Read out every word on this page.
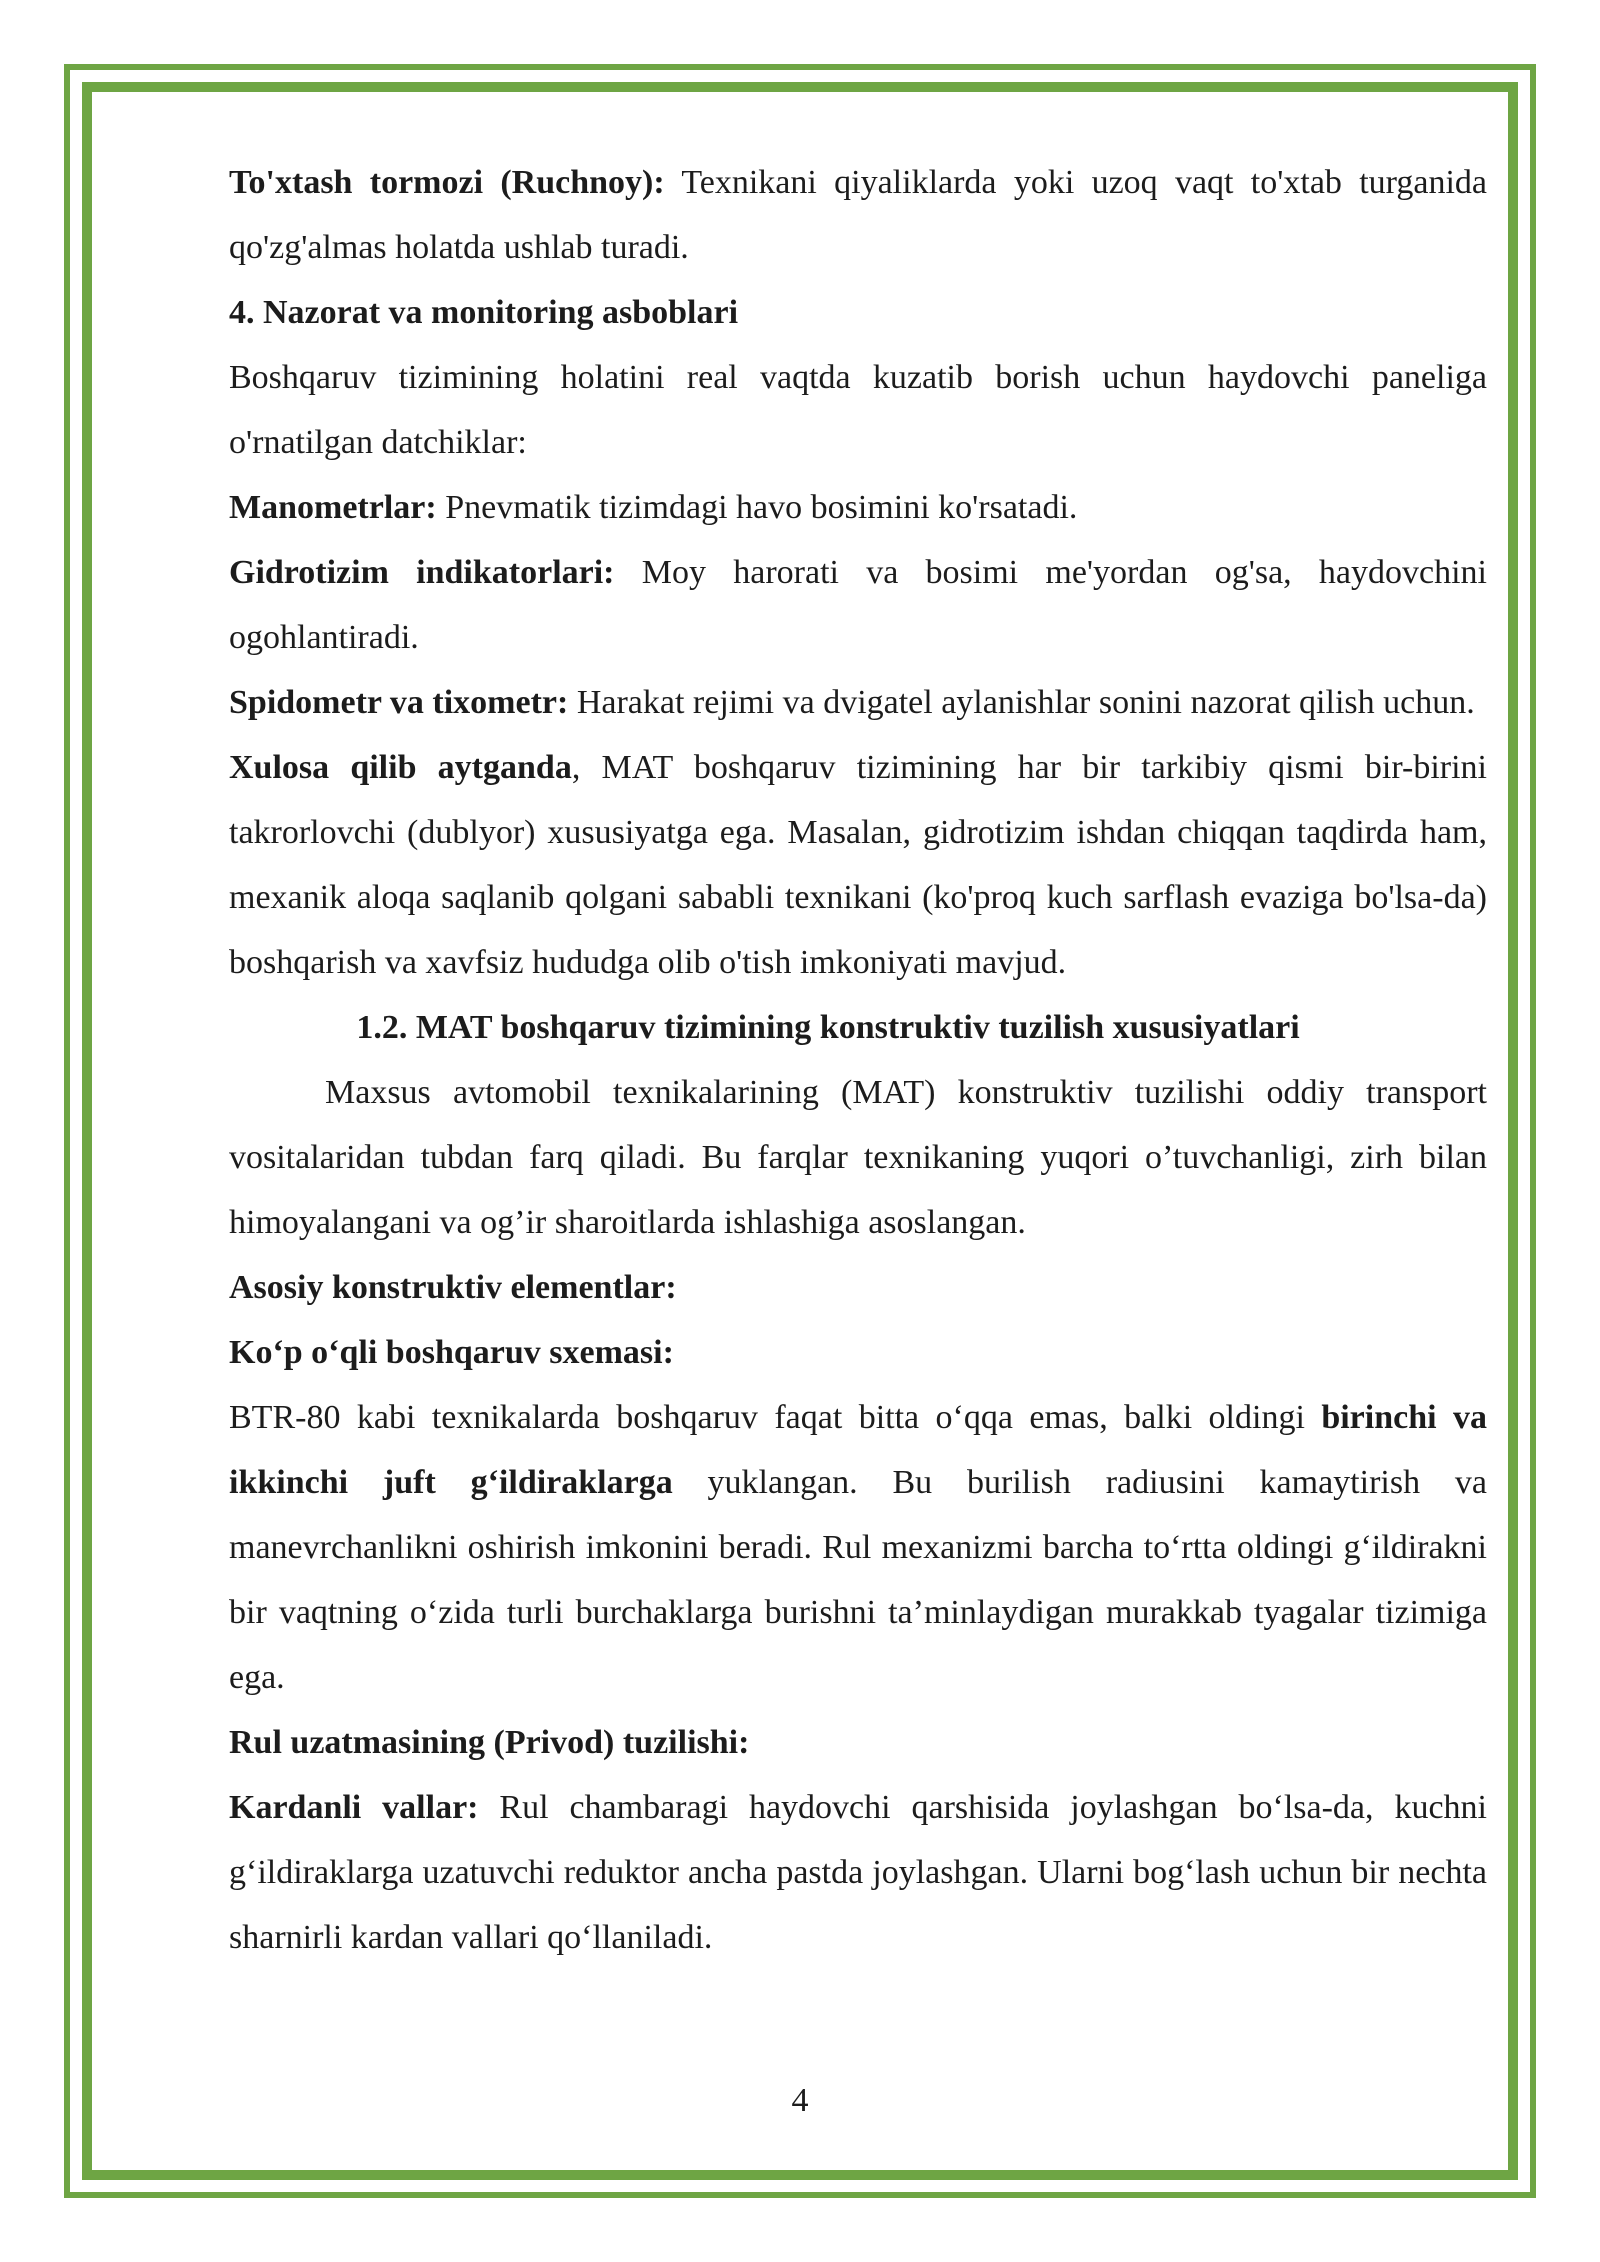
To'xtash tormozi (Ruchnoy): Texnikani qiyaliklarda yoki uzoq vaqt to'xtab turganida qo'zg'almas holatda ushlab turadi.

4. Nazorat va monitoring asboblari

Boshqaruv tizimining holatini real vaqtda kuzatib borish uchun haydovchi paneliga o'rnatilgan datchiklar:

Manometrlar: Pnevmatik tizimdagi havo bosimini ko'rsatadi.

Gidrotizim indikatorlari: Moy harorati va bosimi me'yordan og'sa, haydovchini ogohlantiradi.

Spidometr va tixometr: Harakat rejimi va dvigatel aylanishlar sonini nazorat qilish uchun.

Xulosa qilib aytganda, MAT boshqaruv tizimining har bir tarkibiy qismi bir-birini takrorlovchi (dublyor) xususiyatga ega. Masalan, gidrotizim ishdan chiqqan taqdirda ham, mexanik aloqa saqlanib qolgani sababli texnikani (ko'proq kuch sarflash evaziga bo'lsa-da) boshqarish va xavfsiz hududga olib o'tish imkoniyati mavjud.

1.2. MAT boshqaruv tizimining konstruktiv tuzilish xususiyatlari

Maxsus avtomobil texnikalarining (MAT) konstruktiv tuzilishi oddiy transport vositalaridan tubdan farq qiladi. Bu farqlar texnikaning yuqori o’tuvchanligi, zirh bilan himoyalangani va og’ir sharoitlarda ishlashiga asoslangan.

Asosiy konstruktiv elementlar:

Ko‘p o‘qli boshqaruv sxemasi:

BTR-80 kabi texnikalarda boshqaruv faqat bitta o‘qqa emas, balki oldingi birinchi va ikkinchi juft g‘ildiraklarga yuklangan. Bu burilish radiusini kamaytirish va manevrchanlikni oshirish imkonini beradi. Rul mexanizmi barcha to‘rtta oldingi g‘ildirakni bir vaqtning o‘zida turli burchaklarga burishni ta’minlaydigan murakkab tyagalar tizimiga ega.

Rul uzatmasining (Privod) tuzilishi:

Kardanli vallar: Rul chambaragi haydovchi qarshisida joylashgan bo‘lsa-da, kuchni g‘ildiraklarga uzatuvchi reduktor ancha pastda joylashgan. Ularni bog‘lash uchun bir nechta sharnirli kardan vallari qo‘llaniladi.

4
